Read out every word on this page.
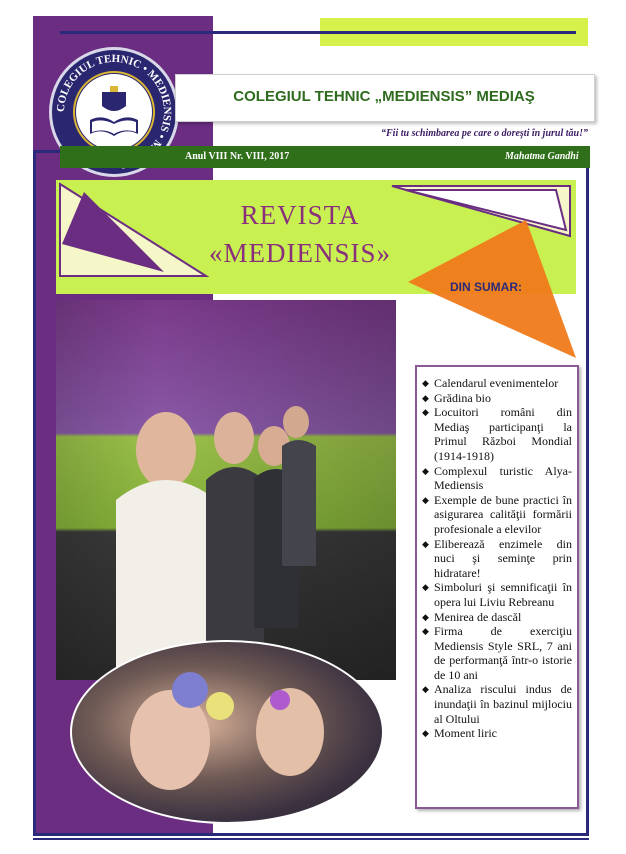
COLEGIUL TEHNIC • MEDIENSIS •
COLEGIUL TEHNIC „MEDIENSIS” MEDIAŞ
“Fii tu schimbarea pe care o doreşti în jurul tău!”
Anul VIII Nr. VIII, 2017	Mahatma Gandhi
REVISTA
«MEDIENSIS»
DIN SUMAR:
◆ Calendarul evenimentelor
◆ Grădina bio
◆ Locuitori români din Mediaş participanţi la Primul Război Mondial (1914-1918)
◆ Complexul turistic Alya-Mediensis
◆ Exemple de bune practici în asigurarea calităţii formării profesionale a elevilor
◆ Eliberează enzimele din nuci şi seminţe prin hidratare!
◆ Simboluri şi semnificaţii în opera lui Liviu Rebreanu
◆ Menirea de dascăl
◆ Firma de exerciţiu Mediensis Style SRL, 7 ani de performanţă într-o istorie de 10 ani
◆ Analiza riscului indus de inundaţii în bazinul mijlociu al Oltului
◆ Moment liric
